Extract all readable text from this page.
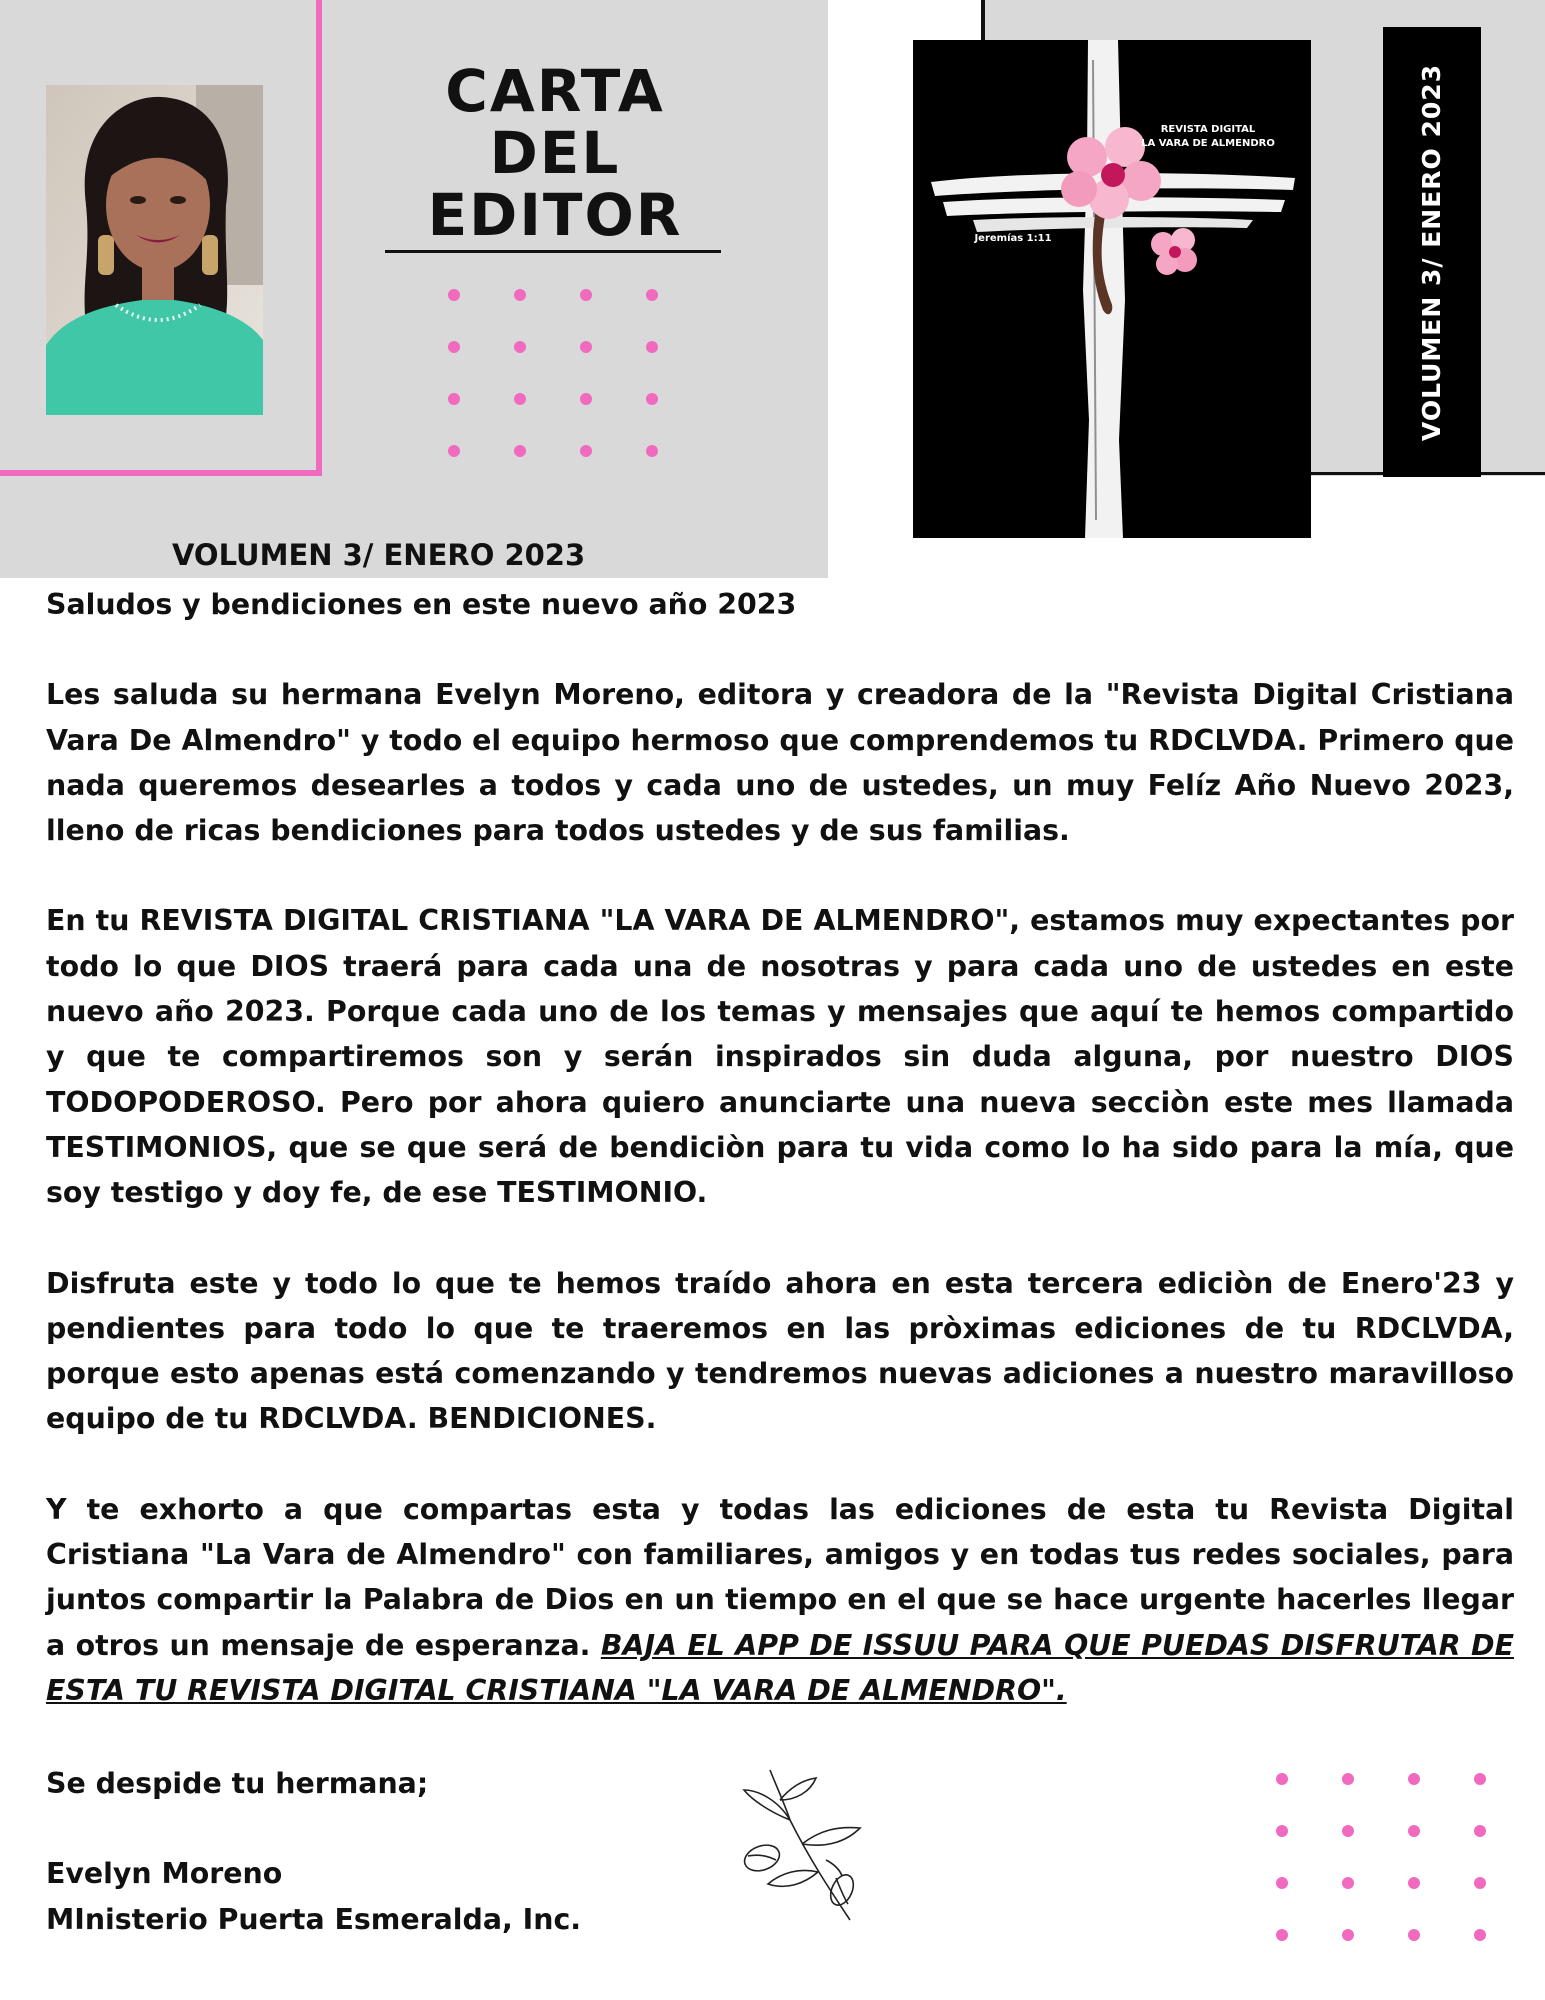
CARTA
DEL
EDITOR
REVISTA DIGITAL
LA VARA DE ALMENDRO
Jeremías 1:11	VOLUMEN 3/ ENERO 2023
VOLUMEN 3/ ENERO 2023

Saludos y bendiciones en este nuevo año 2023

Les saluda su hermana Evelyn Moreno, editora y creadora de la "Revista Digital Cristiana Vara De Almendro" y todo el equipo hermoso que comprendemos tu RDCLVDA. Primero que nada queremos desearles a todos y cada uno de ustedes, un muy Felíz Año Nuevo 2023, lleno de ricas bendiciones para todos ustedes y de sus familias.

En tu REVISTA DIGITAL CRISTIANA "LA VARA DE ALMENDRO", estamos muy expectantes por todo lo que DIOS traerá para cada una de nosotras y para cada uno de ustedes en este nuevo año 2023. Porque cada uno de los temas y mensajes que aquí te hemos compartido y que te compartiremos son y serán inspirados sin duda alguna, por nuestro DIOS TODOPODEROSO. Pero por ahora quiero anunciarte una nueva secciòn este mes llamada TESTIMONIOS, que se que será de bendiciòn para tu vida como lo ha sido para la mía, que soy testigo y doy fe, de ese TESTIMONIO.

Disfruta este y todo lo que te hemos traído ahora en esta tercera ediciòn de Enero'23 y pendientes para todo lo que te traeremos en las pròximas ediciones de tu RDCLVDA, porque esto apenas está comenzando y tendremos nuevas adiciones a nuestro maravilloso equipo de tu RDCLVDA. BENDICIONES.

Y te exhorto a que compartas esta y todas las ediciones de esta tu Revista Digital Cristiana "La Vara de Almendro" con familiares, amigos y en todas tus redes sociales, para juntos compartir la Palabra de Dios en un tiempo en el que se hace urgente hacerles llegar a otros un mensaje de esperanza. BAJA EL APP DE ISSUU PARA QUE PUEDAS DISFRUTAR DE ESTA TU REVISTA DIGITAL CRISTIANA "LA VARA DE ALMENDRO".

Se despide tu hermana;
Evelyn Moreno
MInisterio Puerta Esmeralda, Inc.
